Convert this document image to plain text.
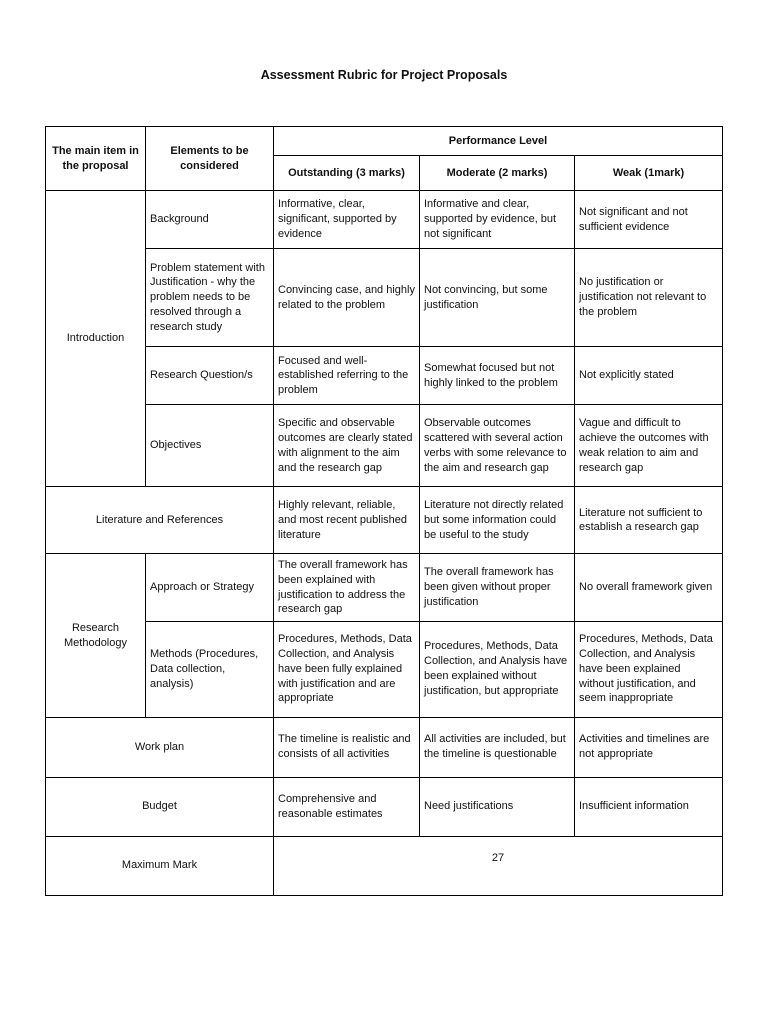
Assessment Rubric for Project Proposals
The main item in the proposal	Elements to be considered	Performance Level		
		Outstanding (3 marks)	Moderate (2 marks)	Weak (1mark)
Introduction	Background	Informative, clear, significant, supported by evidence	Informative and clear, supported by evidence, but not significant	Not significant and not sufficient evidence
	Problem statement with Justification - why the problem needs to be resolved through a research study	Convincing case, and highly related to the problem	Not convincing, but some justification	No justification or justification not relevant to the problem
	Research Question/s	Focused and well-established referring to the problem	Somewhat focused but not highly linked to the problem	Not explicitly stated
	Objectives	Specific and observable outcomes are clearly stated with alignment to the aim and the research gap	Observable outcomes scattered with several action verbs with some relevance to the aim and research gap	Vague and difficult to achieve the outcomes with weak relation to aim and research gap
Literature and References		Highly relevant, reliable, and most recent published literature	Literature not directly related but some information could be useful to the study	Literature not sufficient to establish a research gap
Research Methodology	Approach or Strategy	The overall framework has been explained with justification to address the research gap	The overall framework has been given without proper justification	No overall framework given
	Methods (Procedures, Data collection, analysis)	Procedures, Methods, Data Collection, and Analysis have been fully explained with justification and are appropriate	Procedures, Methods, Data Collection, and Analysis have been explained without justification, but appropriate	Procedures, Methods, Data Collection, and Analysis have been explained without justification, and seem inappropriate
Work plan		The timeline is realistic and consists of all activities	All activities are included, but the timeline is questionable	Activities and timelines are not appropriate
Budget		Comprehensive and reasonable estimates	Need justifications	Insufficient information
Maximum Mark		27		
